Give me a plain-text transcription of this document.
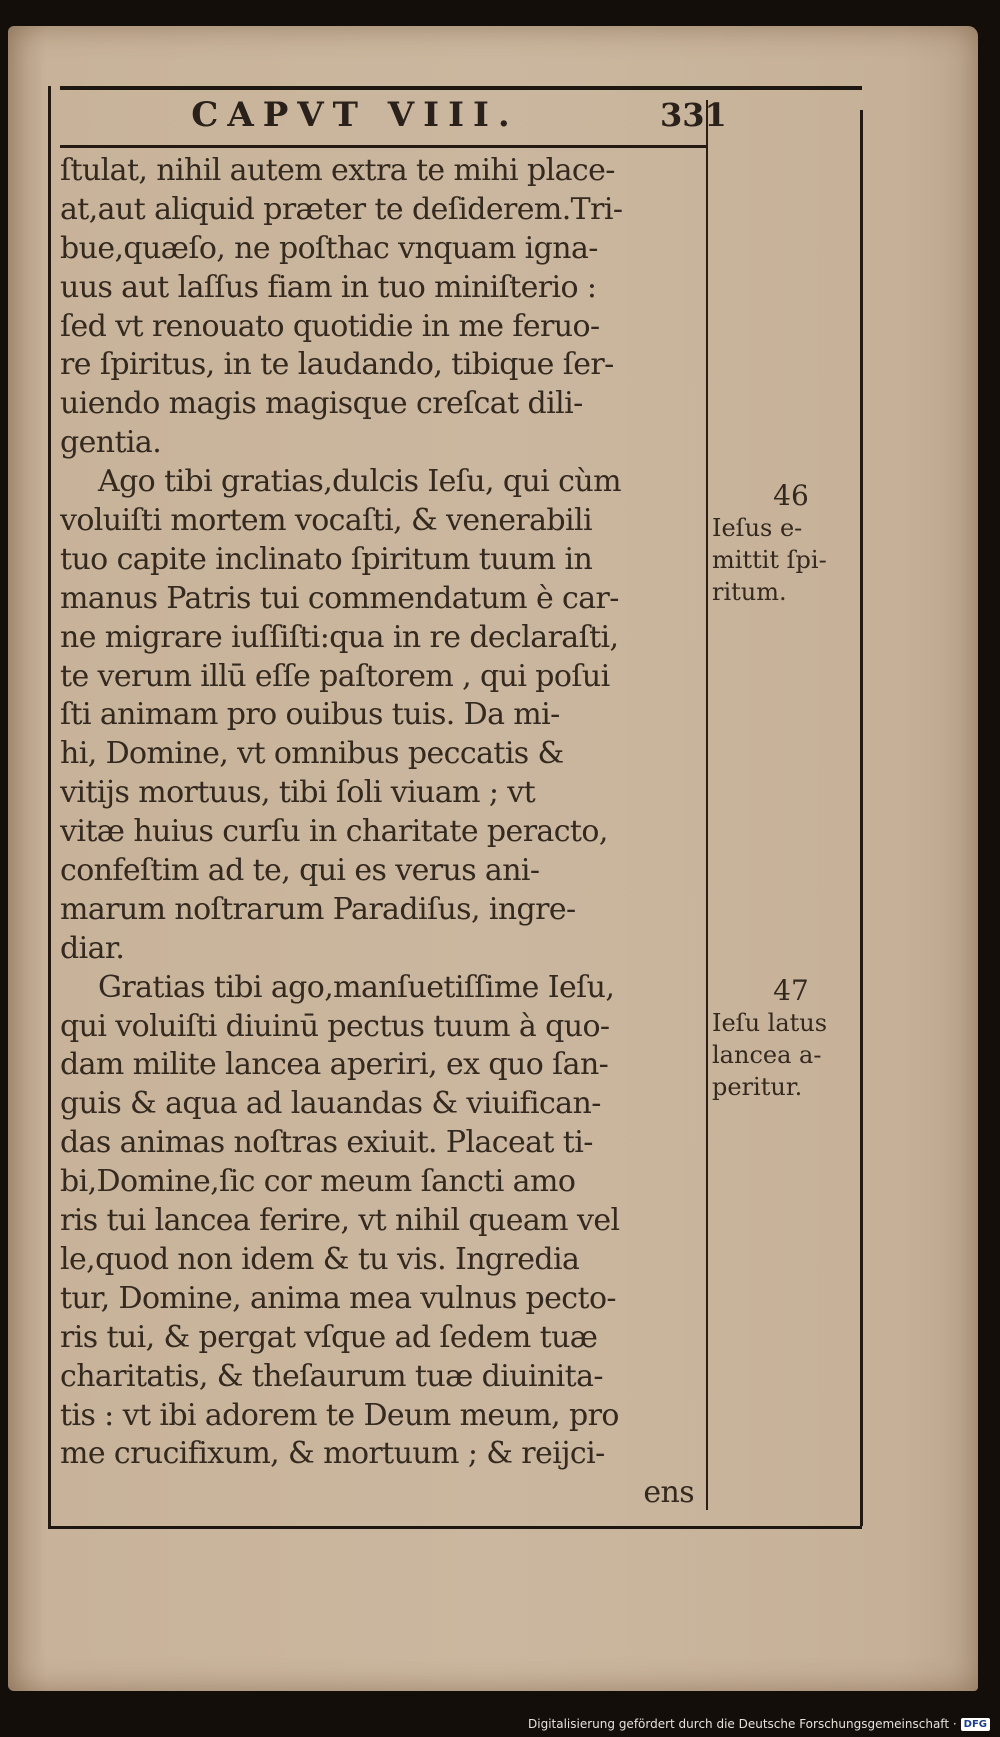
CAPVT VIII.	331
ſtulat, nihil autem extra te mihi place-
at,aut aliquid præter te deſiderem.Tri-
bue,quæſo, ne poſthac vnquam igna-
uus aut laſſus fiam in tuo miniſterio :
ſed vt renouato quotidie in me feruo-
re ſpiritus, in te laudando, tibique ſer-
uiendo magis magisque creſcat dili-
gentia.
Ago tibi gratias,dulcis Ieſu, qui cùm
voluiſti mortem vocaſti, & venerabili
tuo capite inclinato ſpiritum tuum in
manus Patris tui commendatum è car-
ne migrare iuſſiſti:qua in re declaraſti,
te verum illū eſſe paſtorem , qui poſui
ſti animam pro ouibus tuis. Da mi-
hi, Domine, vt omnibus peccatis &
vitijs mortuus, tibi ſoli viuam ; vt
vitæ huius curſu in charitate peracto,
confeſtim ad te, qui es verus ani-
marum noſtrarum Paradiſus, ingre-
diar.
Gratias tibi ago,manſuetiſſime Ieſu,
qui voluiſti diuinū pectus tuum à quo-
dam milite lancea aperiri, ex quo ſan-
guis & aqua ad lauandas & viuifican-
das animas noſtras exiuit. Placeat ti-
bi,Domine,ſic cor meum ſancti amo
ris tui lancea ferire, vt nihil queam vel
le,quod non idem & tu vis. Ingredia
tur, Domine, anima mea vulnus pecto-
ris tui, & pergat vſque ad ſedem tuæ
charitatis, & theſaurum tuæ diuinita-
tis : vt ibi adorem te Deum meum, pro
me crucifixum, & mortuum ; & reijci-
ens
46
Ieſus e-
mittit ſpi-
ritum.
47
Ieſu latus
lancea a-
peritur.
Digitalisierung gefördert durch die Deutsche Forschungsgemeinschaft · DFG
